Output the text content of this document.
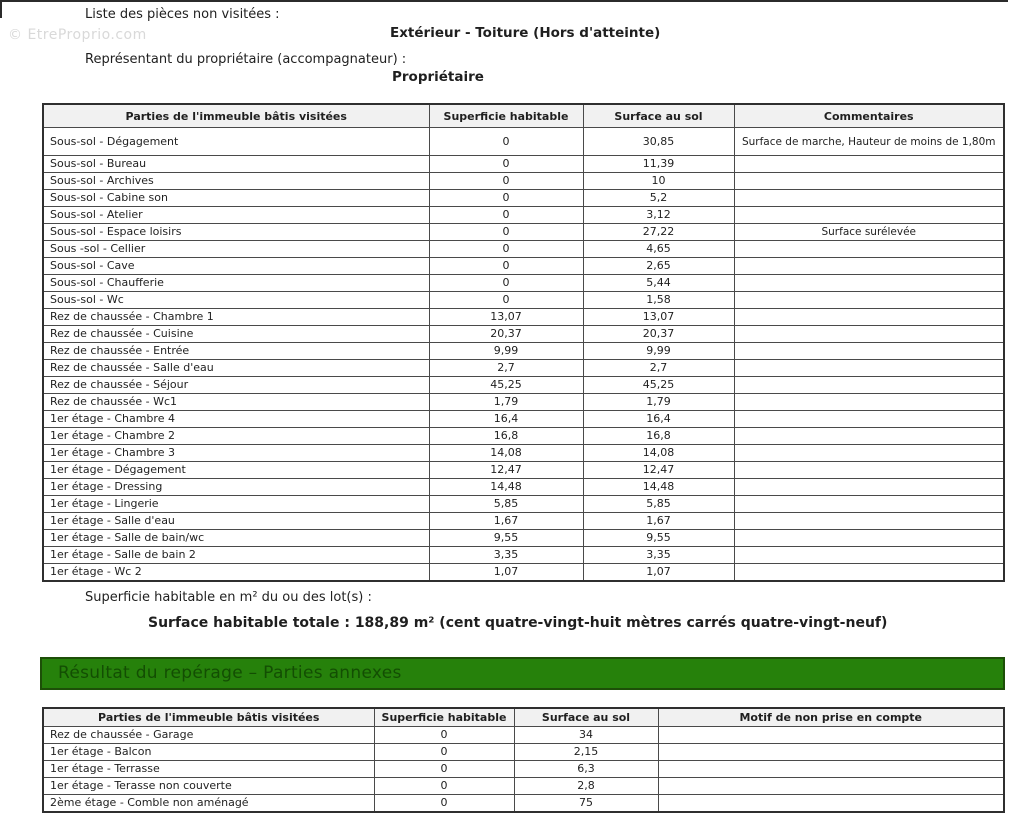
© EtreProprio.com
Liste des pièces non visitées :
Extérieur - Toiture (Hors d'atteinte)
Représentant du propriétaire (accompagnateur) :
Propriétaire
Parties de l'immeuble bâtis visitées	Superficie habitable	Surface au sol	Commentaires
Sous-sol - Dégagement	0	30,85	Surface de marche, Hauteur de moins de 1,80m
Sous-sol - Bureau	0	11,39	
Sous-sol - Archives	0	10	
Sous-sol - Cabine son	0	5,2	
Sous-sol - Atelier	0	3,12	
Sous-sol - Espace loisirs	0	27,22	Surface surélevée
Sous -sol - Cellier	0	4,65	
Sous-sol - Cave	0	2,65	
Sous-sol - Chaufferie	0	5,44	
Sous-sol - Wc	0	1,58	
Rez de chaussée - Chambre 1	13,07	13,07	
Rez de chaussée - Cuisine	20,37	20,37	
Rez de chaussée - Entrée	9,99	9,99	
Rez de chaussée - Salle d'eau	2,7	2,7	
Rez de chaussée - Séjour	45,25	45,25	
Rez de chaussée - Wc1	1,79	1,79	
1er étage - Chambre 4	16,4	16,4	
1er étage - Chambre 2	16,8	16,8	
1er étage - Chambre 3	14,08	14,08	
1er étage - Dégagement	12,47	12,47	
1er étage - Dressing	14,48	14,48	
1er étage - Lingerie	5,85	5,85	
1er étage - Salle d'eau	1,67	1,67	
1er étage - Salle de bain/wc	9,55	9,55	
1er étage - Salle de bain 2	3,35	3,35	
1er étage - Wc 2	1,07	1,07	
Superficie habitable en m² du ou des lot(s) :
Surface habitable totale : 188,89 m² (cent quatre-vingt-huit mètres carrés quatre-vingt-neuf)
Résultat du repérage – Parties annexes
Parties de l'immeuble bâtis visitées	Superficie habitable	Surface au sol	Motif de non prise en compte
Rez de chaussée - Garage	0	34	
1er étage - Balcon	0	2,15	
1er étage - Terrasse	0	6,3	
1er étage - Terasse non couverte	0	2,8	
2ème étage - Comble non aménagé	0	75	
